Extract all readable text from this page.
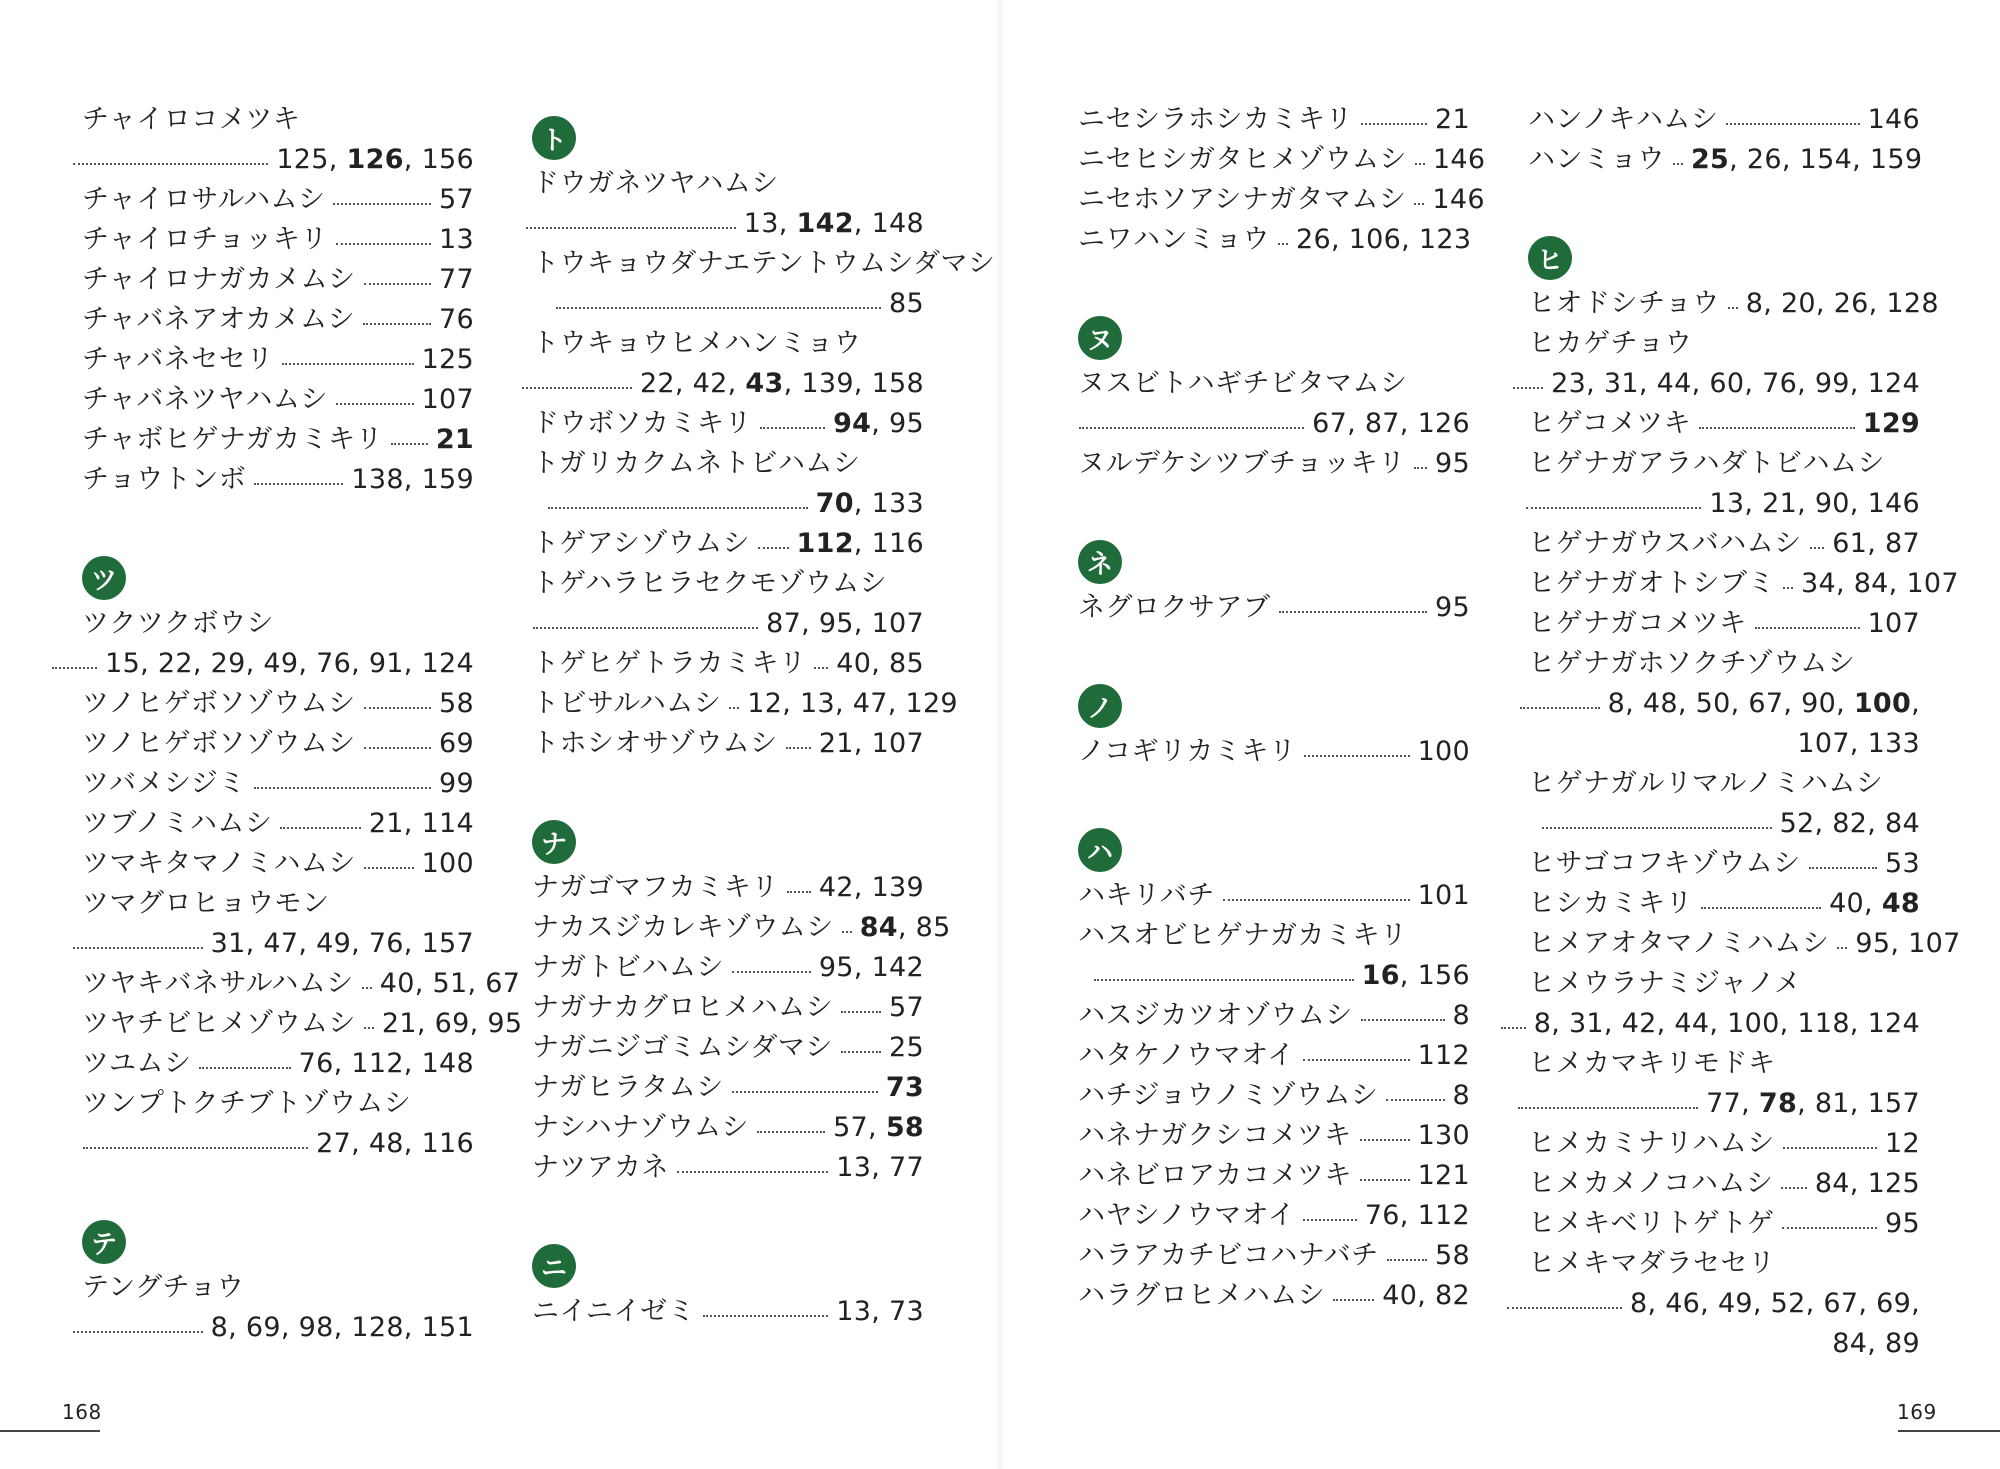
チャイロコメツキ
125, 126, 156
チャイロサルハムシ	57
チャイロチョッキリ	13
チャイロナガカメムシ	77
チャバネアオカメムシ	76
チャバネセセリ	125
チャバネツヤハムシ	107
チャボヒゲナガカミキリ 21
チョウトンボ	138, 159
ツ
ツクツクボウシ
15, 22, 29, 49, 76, 91, 124
ツノヒゲボソゾウムシ	58
ツノヒゲボソゾウムシ	69
ツバメシジミ	99
ツブノミハムシ	21, 114
ツマキタマノミハムシ 100
ツマグロヒョウモン
31, 47, 49, 76, 157
ツヤキバネサルハムシ 40, 51, 67
ツヤチビヒメゾウムシ 21, 69, 95
ツユムシ	76, 112, 148
ツンプトクチブトゾウムシ
27, 48, 116
テ
テングチョウ
8, 69, 98, 128, 151
ト
ドウガネツヤハムシ
13, 142, 148
トウキョウダナエテントウムシダマシ
85
トウキョウヒメハンミョウ
22, 42, 43, 139, 158
ドウボソカミキリ	94, 95
トガリカクムネトビハムシ
70, 133
トゲアシゾウムシ 112, 116
トゲハラヒラセクモゾウムシ
87, 95, 107
トゲヒゲトラカミキリ 40, 85
トビサルハムシ 12, 13, 47, 129
トホシオサゾウムシ 21, 107
ナ
ナガゴマフカミキリ 42, 139
ナカスジカレキゾウムシ 84, 85
ナガトビハムシ	95, 142
ナガナカグロヒメハムシ 57
ナガニジゴミムシダマシ 25
ナガヒラタムシ	73
ナシハナゾウムシ	57, 58
ナツアカネ	13, 77
ニ
ニイニイゼミ	13, 73
ニセシラホシカミキリ	21
ニセヒシガタヒメゾウムシ 146
ニセホソアシナガタマムシ 146
ニワハンミョウ 26, 106, 123
ヌ
ヌスビトハギチビタマムシ
67, 87, 126
ヌルデケシツブチョッキリ 95
ネ
ネグロクサアブ	95
ノ
ノコギリカミキリ	100
ハ
ハキリバチ	101
ハスオビヒゲナガカミキリ
16, 156
ハスジカツオゾウムシ	8
ハタケノウマオイ	112
ハチジョウノミゾウムシ	8
ハネナガクシコメツキ 130
ハネビロアカコメツキ 121
ハヤシノウマオイ	76, 112
ハラアカチビコハナバチ 58
ハラグロヒメハムシ 40, 82
ハンノキハムシ	146
ハンミョウ 25, 26, 154, 159
ヒ
ヒオドシチョウ 8, 20, 26, 128
ヒカゲチョウ
23, 31, 44, 60, 76, 99, 124
ヒゲコメツキ	129
ヒゲナガアラハダトビハムシ
13, 21, 90, 146
ヒゲナガウスバハムシ 61, 87
ヒゲナガオトシブミ 34, 84, 107
ヒゲナガコメツキ	107
ヒゲナガホソクチゾウムシ
8, 48, 50, 67, 90, 100,
107, 133
ヒゲナガルリマルノミハムシ
52, 82, 84
ヒサゴコフキゾウムシ	53
ヒシカミキリ	40, 48
ヒメアオタマノミハムシ 95, 107
ヒメウラナミジャノメ
8, 31, 42, 44, 100, 118, 124
ヒメカマキリモドキ
77, 78, 81, 157
ヒメカミナリハムシ	12
ヒメカメノコハムシ 84, 125
ヒメキベリトゲトゲ	95
ヒメキマダラセセリ
8, 46, 49, 52, 67, 69,
84, 89
168	169
